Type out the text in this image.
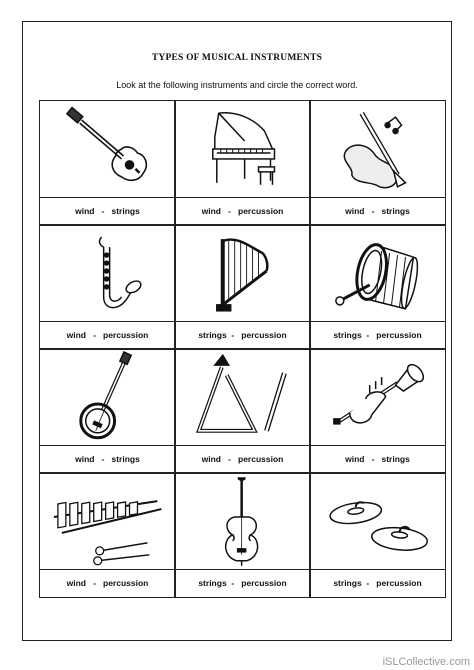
TYPES OF MUSICAL INSTRUMENTS
Look at the following instruments and circle the correct word.
wind   -   strings	wind   -   percussion	wind   -   strings
wind   -   percussion	strings  -   percussion	strings  -   percussion
wind   -   strings	wind   -   percussion	wind   -   strings
wind   -   percussion	strings  -   percussion	strings  -   percussion
iSLCollective.com
